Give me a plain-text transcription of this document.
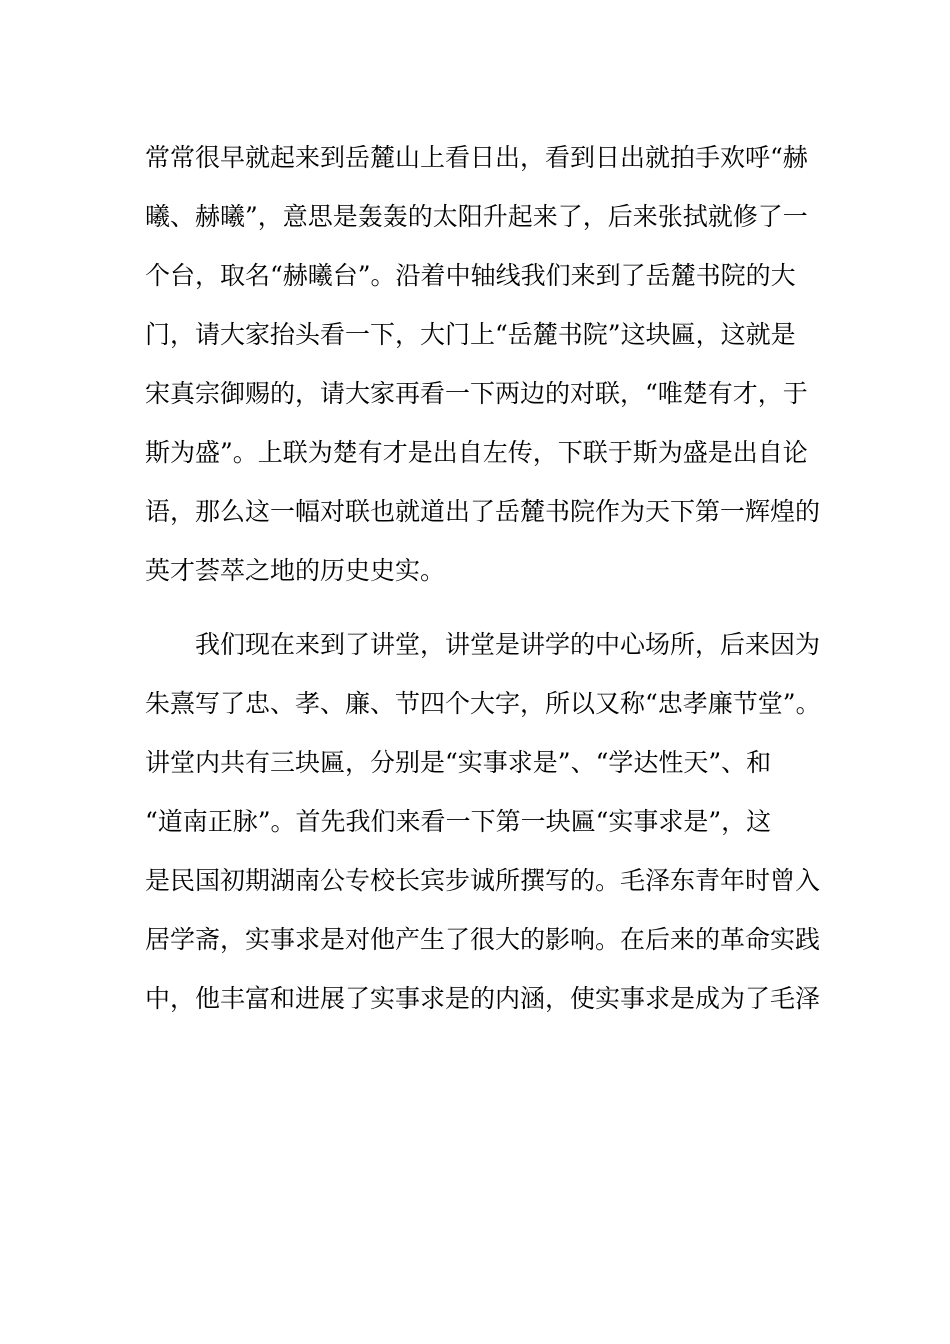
常常很早就起来到岳麓山上看日出，看到日出就拍手欢呼“赫
曦、赫曦”，意思是轰轰的太阳升起来了，后来张拭就修了一
个台，取名“赫曦台”。沿着中轴线我们来到了岳麓书院的大
门，请大家抬头看一下，大门上“岳麓书院”这块匾，这就是
宋真宗御赐的，请大家再看一下两边的对联，“唯楚有才，于
斯为盛”。上联为楚有才是出自左传，下联于斯为盛是出自论
语，那么这一幅对联也就道出了岳麓书院作为天下第一辉煌的
英才荟萃之地的历史史实。
我们现在来到了讲堂，讲堂是讲学的中心场所，后来因为
朱熹写了忠、孝、廉、节四个大字，所以又称“忠孝廉节堂”。
讲堂内共有三块匾，分别是“实事求是”、“学达性天”、和
“道南正脉”。首先我们来看一下第一块匾“实事求是”，这
是民国初期湖南公专校长宾步诚所撰写的。毛泽东青年时曾入
居学斋，实事求是对他产生了很大的影响。在后来的革命实践
中，他丰富和进展了实事求是的内涵，使实事求是成为了毛泽
